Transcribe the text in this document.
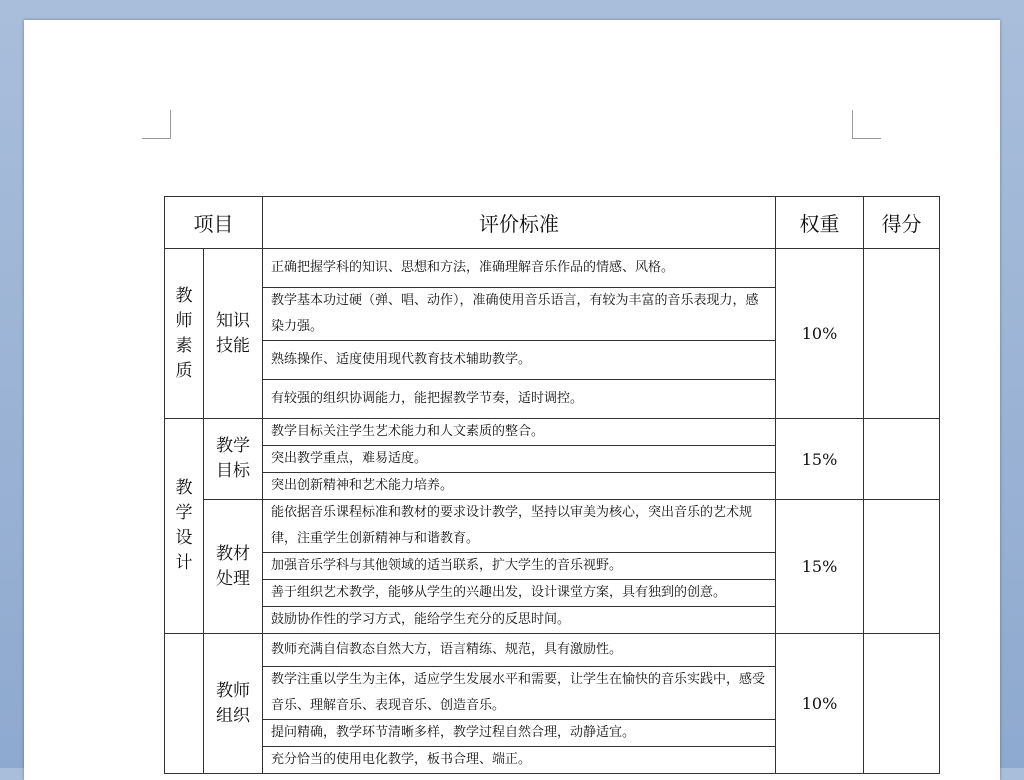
项目		评价标准	权重	得分
教师素质	知识技能	正确把握学科的知识、思想和方法，准确理解音乐作品的情感、风格。	10%	
		教学基本功过硬（弹、唱、动作），准确使用音乐语言，有较为丰富的音乐表现力，感染力强。		
		熟练操作、适度使用现代教育技术辅助教学。		
		有较强的组织协调能力，能把握教学节奏，适时调控。		
教学设计	教学目标	教学目标关注学生艺术能力和人文素质的整合。	15%	
		突出教学重点，难易适度。		
		突出创新精神和艺术能力培养。		
	教材处理	能依据音乐课程标准和教材的要求设计教学，坚持以审美为核心，突出音乐的艺术规律，注重学生创新精神与和谐教育。	15%	
		加强音乐学科与其他领域的适当联系，扩大学生的音乐视野。		
		善于组织艺术教学，能够从学生的兴趣出发，设计课堂方案，具有独到的创意。		
		鼓励协作性的学习方式，能给学生充分的反思时间。		
	教师组织	教师充满自信教态自然大方，语言精练、规范，具有激励性。	10%	
		教学注重以学生为主体，适应学生发展水平和需要，让学生在愉快的音乐实践中，感受音乐、理解音乐、表现音乐、创造音乐。		
		提问精确，教学环节清晰多样，教学过程自然合理，动静适宜。		
		充分恰当的使用电化教学，板书合理、端正。		
